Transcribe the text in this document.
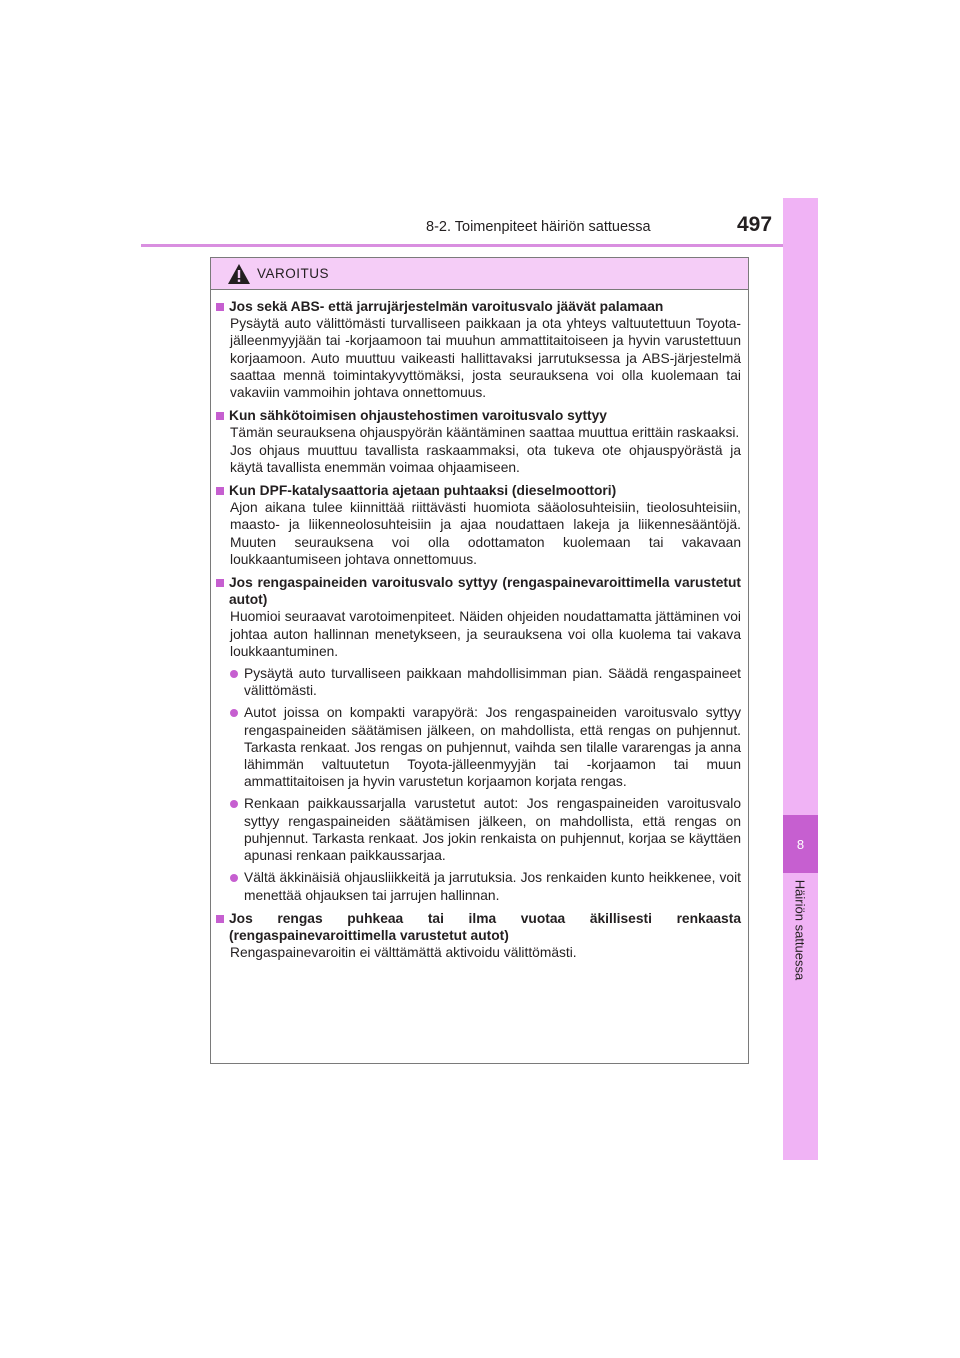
8-2. Toimenpiteet häiriön sattuessa	497
8
Häiriön sattuessa
VAROITUS
Jos sekä ABS- että jarrujärjestelmän varoitusvalo jäävät palamaan
Pysäytä auto välittömästi turvalliseen paikkaan ja ota yhteys valtuutettuun Toyota-jälleenmyyjään tai -korjaamoon tai muuhun ammattitaitoiseen ja hyvin varustettuun korjaamoon. Auto muuttuu vaikeasti hallittavaksi jarrutuksessa ja ABS-järjestelmä saattaa mennä toimintakyvyttömäksi, josta seurauksena voi olla kuolemaan tai vakaviin vammoihin johtava onnettomuus.
Kun sähkötoimisen ohjaustehostimen varoitusvalo syttyy
Tämän seurauksena ohjauspyörän kääntäminen saattaa muuttua erittäin raskaaksi.
Jos ohjaus muuttuu tavallista raskaammaksi, ota tukeva ote ohjauspyörästä ja käytä tavallista enemmän voimaa ohjaamiseen.
Kun DPF-katalysaattoria ajetaan puhtaaksi (dieselmoottori)
Ajon aikana tulee kiinnittää riittävästi huomiota sääolosuhteisiin, tieolosuhteisiin, maasto- ja liikenneolosuhteisiin ja ajaa noudattaen lakeja ja liikennesääntöjä. Muuten seurauksena voi olla odottamaton kuolemaan tai vakavaan loukkaantumiseen johtava onnettomuus.
Jos rengaspaineiden varoitusvalo syttyy (rengaspainevaroittimella varustetut autot)
Huomioi seuraavat varotoimenpiteet. Näiden ohjeiden noudattamatta jättäminen voi johtaa auton hallinnan menetykseen, ja seurauksena voi olla kuolema tai vakava loukkaantuminen.
Pysäytä auto turvalliseen paikkaan mahdollisimman pian. Säädä rengaspaineet välittömästi.
Autot joissa on kompakti varapyörä: Jos rengaspaineiden varoitusvalo syttyy rengaspaineiden säätämisen jälkeen, on mahdollista, että rengas on puhjennut. Tarkasta renkaat. Jos rengas on puhjennut, vaihda sen tilalle vararengas ja anna lähimmän valtuutetun Toyota-jälleenmyyjän tai -korjaamon tai muun ammattitaitoisen ja hyvin varustetun korjaamon korjata rengas.
Renkaan paikkaussarjalla varustetut autot: Jos rengaspaineiden varoitusvalo syttyy rengaspaineiden säätämisen jälkeen, on mahdollista, että rengas on puhjennut. Tarkasta renkaat. Jos jokin renkaista on puhjennut, korjaa se käyttäen apunasi renkaan paikkaussarjaa.
Vältä äkkinäisiä ohjausliikkeitä ja jarrutuksia. Jos renkaiden kunto heikkenee, voit menettää ohjauksen tai jarrujen hallinnan.
Jos rengas puhkeaa tai ilma vuotaa äkillisesti renkaasta (rengaspainevaroittimella varustetut autot)
Rengaspainevaroitin ei välttämättä aktivoidu välittömästi.
